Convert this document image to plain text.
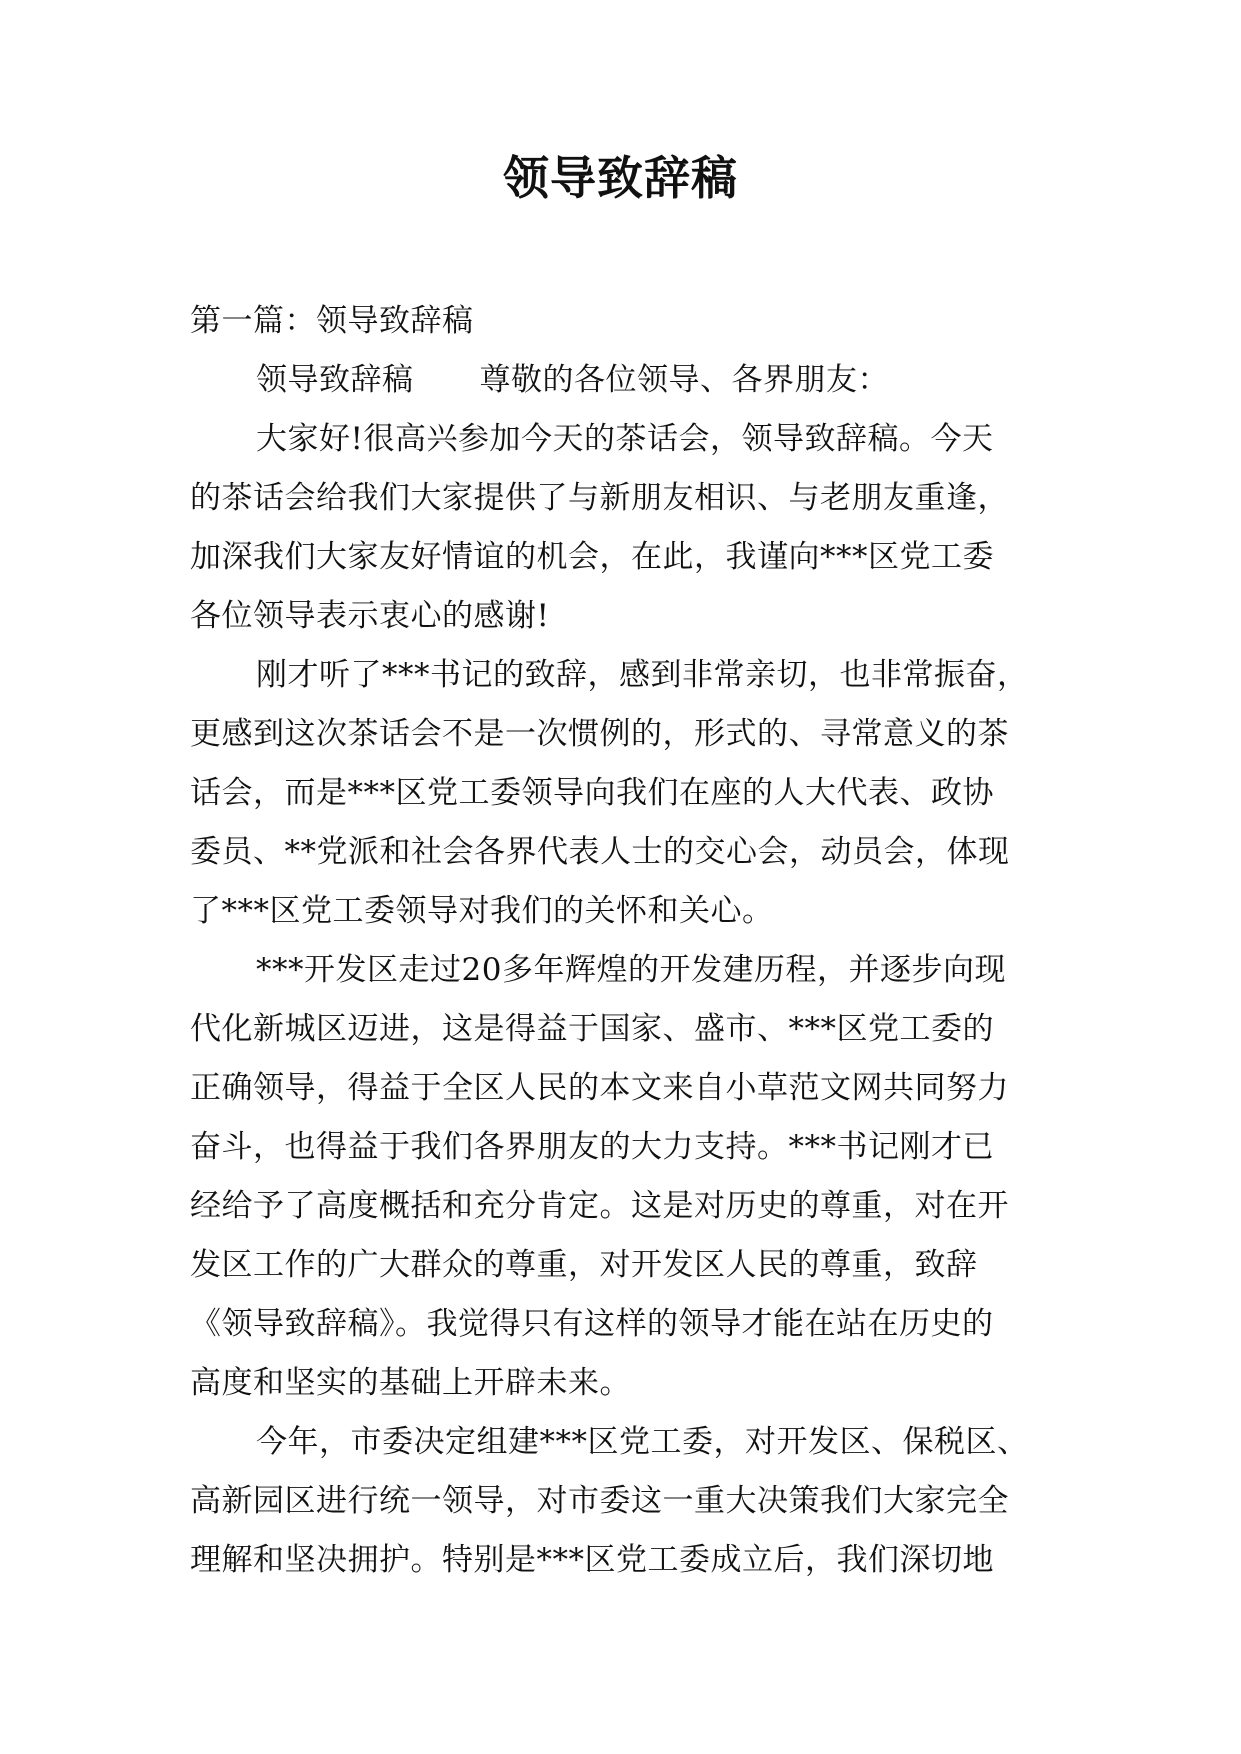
领导致辞稿
第一篇：领导致辞稿
领导致辞稿 尊敬的各位领导、各界朋友：
大家好!很高兴参加今天的茶话会，领导致辞稿。今天
的茶话会给我们大家提供了与新朋友相识、与老朋友重逢，
加深我们大家友好情谊的机会，在此，我谨向***区党工委
各位领导表示衷心的感谢!
刚才听了***书记的致辞，感到非常亲切，也非常振奋，
更感到这次茶话会不是一次惯例的，形式的、寻常意义的茶
话会，而是***区党工委领导向我们在座的人大代表、政协
委员、**党派和社会各界代表人士的交心会，动员会，体现
了***区党工委领导对我们的关怀和关心。
***开发区走过20多年辉煌的开发建历程，并逐步向现
代化新城区迈进，这是得益于国家、盛市、***区党工委的
正确领导，得益于全区人民的本文来自小草范文网共同努力
奋斗，也得益于我们各界朋友的大力支持。***书记刚才已
经给予了高度概括和充分肯定。这是对历史的尊重，对在开
发区工作的广大群众的尊重，对开发区人民的尊重，致辞
《领导致辞稿》。我觉得只有这样的领导才能在站在历史的
高度和坚实的基础上开辟未来。
今年，市委决定组建***区党工委，对开发区、保税区、
高新园区进行统一领导，对市委这一重大决策我们大家完全
理解和坚决拥护。特别是***区党工委成立后，我们深切地
